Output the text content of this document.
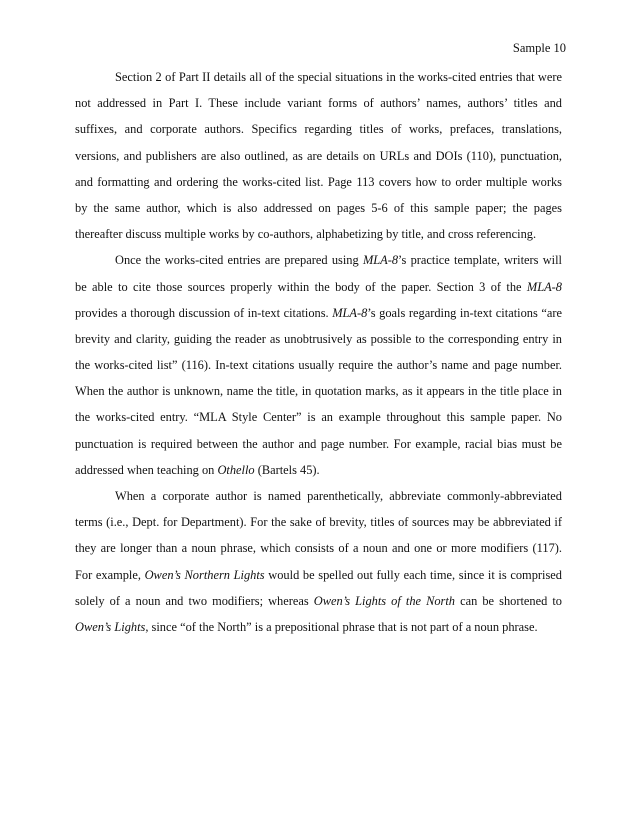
Sample 10
Section 2 of Part II details all of the special situations in the works-cited entries that were
not addressed in Part I. These include variant forms of authors’ names, authors’ titles and
suffixes, and corporate authors. Specifics regarding titles of works, prefaces, translations,
versions, and publishers are also outlined, as are details on URLs and DOIs (110), punctuation,
and formatting and ordering the works-cited list. Page 113 covers how to order multiple works
by the same author, which is also addressed on pages 5-6 of this sample paper; the pages
thereafter discuss multiple works by co-authors, alphabetizing by title, and cross referencing.
Once the works-cited entries are prepared using MLA-8’s practice template, writers will
be able to cite those sources properly within the body of the paper. Section 3 of the MLA-8
provides a thorough discussion of in-text citations. MLA-8’s goals regarding in-text citations “are
brevity and clarity, guiding the reader as unobtrusively as possible to the corresponding entry in
the works-cited list” (116). In-text citations usually require the author’s name and page number.
When the author is unknown, name the title, in quotation marks, as it appears in the title place in
the works-cited entry. “MLA Style Center” is an example throughout this sample paper. No
punctuation is required between the author and page number. For example, racial bias must be
addressed when teaching on Othello (Bartels 45).
When a corporate author is named parenthetically, abbreviate commonly-abbreviated
terms (i.e., Dept. for Department). For the sake of brevity, titles of sources may be abbreviated if
they are longer than a noun phrase, which consists of a noun and one or more modifiers (117).
For example, Owen’s Northern Lights would be spelled out fully each time, since it is comprised
solely of a noun and two modifiers; whereas Owen’s Lights of the North can be shortened to
Owen’s Lights, since “of the North” is a prepositional phrase that is not part of a noun phrase.
